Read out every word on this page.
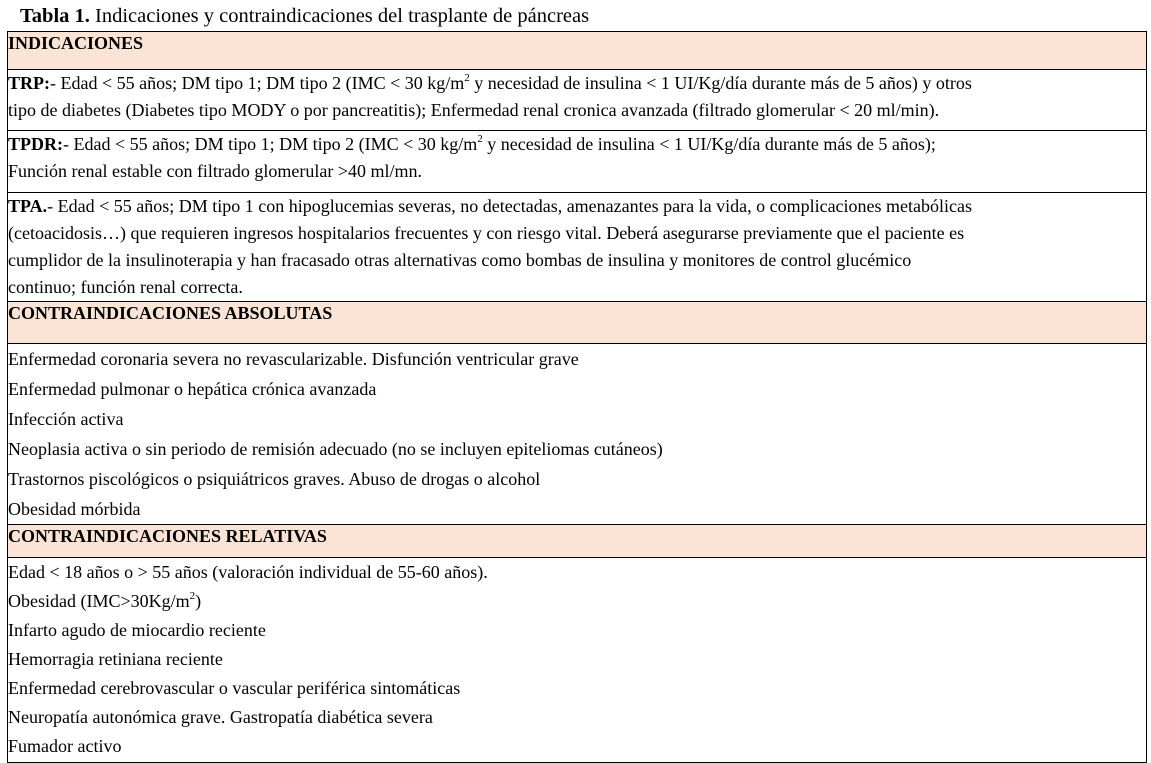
Tabla 1. Indicaciones y contraindicaciones del trasplante de páncreas
INDICACIONES

TRP:- Edad < 55 años; DM tipo 1; DM tipo 2 (IMC < 30 $kg/m^2$ y necesidad de insulina < 1 UI/Kg/día durante más de 5 años) y otros
tipo de diabetes (Diabetes tipo MODY o por pancreatitis); Enfermedad renal cronica avanzada (filtrado glomerular < 20 ml/min).

TPDR:- Edad < 55 años; DM tipo 1; DM tipo 2 (IMC < 30 $kg/m^2$ y necesidad de insulina < 1 UI/Kg/día durante más de 5 años);
Función renal estable con filtrado glomerular >40 ml/mn.

TPA.- Edad < 55 años; DM tipo 1 con hipoglucemias severas, no detectadas, amenazantes para la vida, o complicaciones metabólicas
(cetoacidosis…) que requieren ingresos hospitalarios frecuentes y con riesgo vital. Deberá asegurarse previamente que el paciente es
cumplidor de la insulinoterapia y han fracasado otras alternativas como bombas de insulina y monitores de control glucémico
continuo; función renal correcta.

CONTRAINDICACIONES ABSOLUTAS

Enfermedad coronaria severa no revascularizable. Disfunción ventricular grave
Enfermedad pulmonar o hepática crónica avanzada
Infección activa
Neoplasia activa o sin periodo de remisión adecuado (no se incluyen epiteliomas cutáneos)
Trastornos piscológicos o psiquiátricos graves. Abuso de drogas o alcohol
Obesidad mórbida

CONTRAINDICACIONES RELATIVAS

Edad < 18 años o > 55 años (valoración individual de 55-60 años).
Obesidad $(IMC>30Kg/m^2)$
Infarto agudo de miocardio reciente
Hemorragia retiniana reciente
Enfermedad cerebrovascular o vascular periférica sintomáticas
Neuropatía autonómica grave. Gastropatía diabética severa
Fumador activo
